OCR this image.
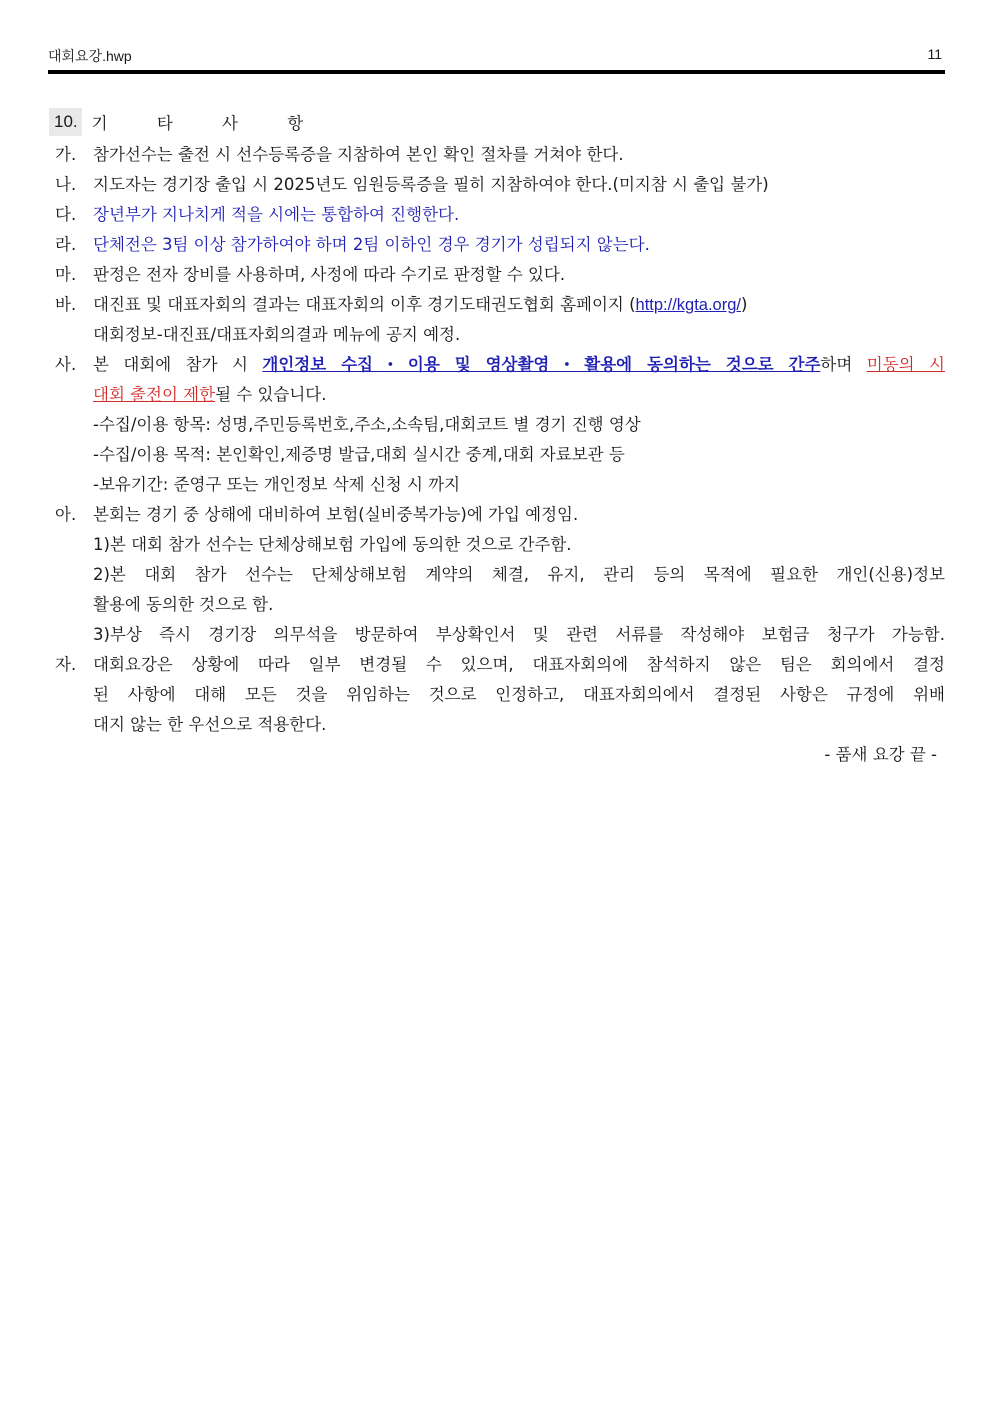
대회요강.hwp	11
10. 기 타 사 항
가.	참가선수는 출전 시 선수등록증을 지참하여 본인 확인 절차를 거쳐야 한다.
나.	지도자는 경기장 출입 시 2025년도 임원등록증을 필히 지참하여야 한다.(미지참 시 출입 불가)
다.	장년부가 지나치게 적을 시에는 통합하여 진행한다.
라.	단체전은 3팀 이상 참가하여야 하며 2팀 이하인 경우 경기가 성립되지 않는다.
마.	판정은 전자 장비를 사용하며, 사정에 따라 수기로 판정할 수 있다.
바.	대진표 및 대표자회의 결과는 대표자회의 이후 경기도태권도협회 홈페이지 (http://kgta.org/)
대회정보-대진표/대표자회의결과 메뉴에 공지 예정.
사.	본 대회에 참가 시 개인정보 수집・이용 및 영상촬영・활용에 동의하는 것으로 간주하며 미동의 시
대회 출전이 제한될 수 있습니다.
-수집/이용 항목: 성명,주민등록번호,주소,소속팀,대회코트 별 경기 진행 영상
-수집/이용 목적: 본인확인,제증명 발급,대회 실시간 중계,대회 자료보관 등
-보유기간: 준영구 또는 개인정보 삭제 신청 시 까지
아.	본회는 경기 중 상해에 대비하여 보험(실비중복가능)에 가입 예정임.
1)본 대회 참가 선수는 단체상해보험 가입에 동의한 것으로 간주함.
2)본 대회 참가 선수는 단체상해보험 계약의 체결, 유지, 관리 등의 목적에 필요한 개인(신용)정보
활용에 동의한 것으로 함.
3)부상 즉시 경기장 의무석을 방문하여 부상확인서 및 관련 서류를 작성해야 보험금 청구가 가능함.
자.	대회요강은 상황에 따라 일부 변경될 수 있으며, 대표자회의에 참석하지 않은 팀은 회의에서 결정
된 사항에 대해 모든 것을 위임하는 것으로 인정하고, 대표자회의에서 결정된 사항은 규정에 위배
대지 않는 한 우선으로 적용한다.
- 품새 요강 끝 -
